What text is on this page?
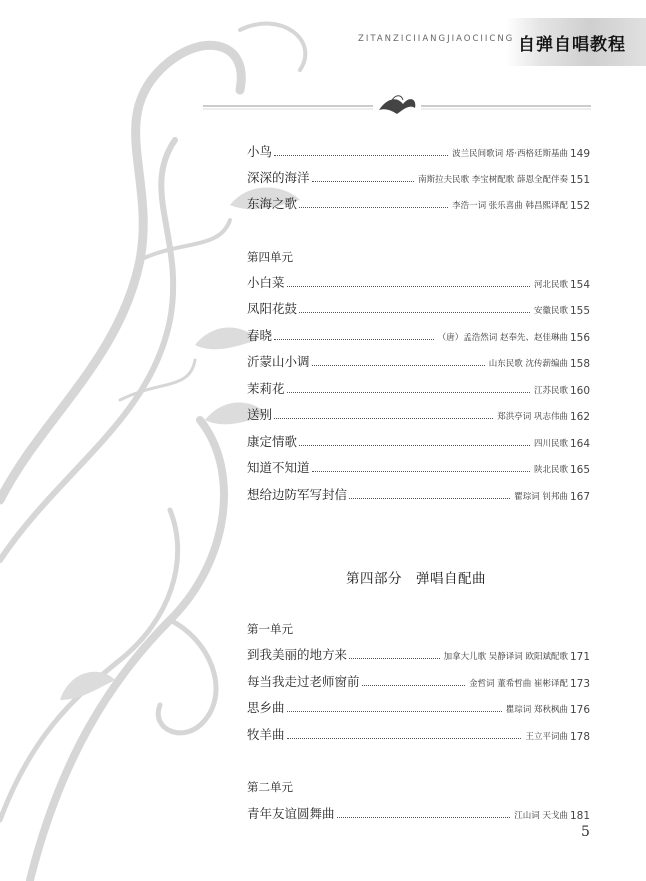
ZITANZICIIANGJIAOCIICNG 自弹自唱教程
小鸟	波兰民间歌词 塔·西格廷斯基曲 149
深深的海洋	南斯拉夫民歌 李宝树配歌 薛恩全配伴奏 151
东海之歌	李浩一词 张乐喜曲 韩昌熙译配 152
第四单元
小白菜	河北民歌 154
凤阳花鼓	安徽民歌 155
春晓	（唐）孟浩然词 赵奉先、赵佳琳曲 156
沂蒙山小调	山东民歌 沈传薪编曲 158
茉莉花	江苏民歌 160
送别	郑洪亭词 巩志伟曲 162
康定情歌	四川民歌 164
知道不知道	陕北民歌 165
想给边防军写封信	瞿琮词 钊邦曲 167
第四部分　弹唱自配曲
第一单元
到我美丽的地方来	加拿大儿歌 吴静译词 欧阳斌配歌 171
每当我走过老师窗前	金哲词 董希哲曲 崔彬译配 173
思乡曲	瞿琮词 郑秋枫曲 176
牧羊曲	王立平词曲 178
第二单元
青年友谊圆舞曲	江山词 天戈曲 181
5
